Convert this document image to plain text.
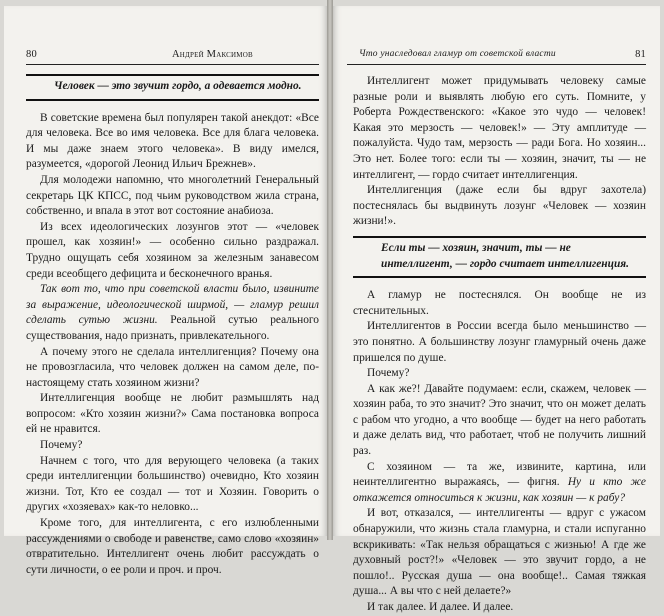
80	Андрей Максимов
Человек — это звучит гордо, а одевается модно.

В советские времена был популярен такой анекдот: «Все для человека. Все во имя человека. Все для блага человека. И мы даже знаем этого человека». В виду имелся, разумеется, «дорогой Леонид Ильич Брежнев».

Для молодежи напомню, что многолетний Генеральный секретарь ЦК КПСС, под чьим руководством жила страна, собственно, и впала в этот вот состояние анабиоза.

Из всех идеологических лозунгов этот — «человек прошел, как хозяин!» — особенно сильно раздражал. Трудно ощущать себя хозяином за железным занавесом среди всеобщего дефицита и бесконечного вранья.

Так вот то, что при советской власти было, извините за выражение, идеологической ширмой, — гламур решил сделать сутью жизни. Реальной сутью реального существования, надо признать, привлекательного.

А почему этого не сделала интеллигенция? Почему она не провозгласила, что человек должен на самом деле, по-настоящему стать хозяином жизни?

Интеллигенция вообще не любит размышлять над вопросом: «Кто хозяин жизни?» Сама постановка вопроса ей не нравится.

Почему?

Начнем с того, что для верующего человека (а таких среди интеллигенции большинство) очевидно, Кто хозяин жизни. Тот, Кто ее создал — тот и Хозяин. Говорить о других «хозяевах» как-то неловко...

Кроме того, для интеллигента, с его излюбленными рассуждениями о свободе и равенстве, само слово «хозяин» отвратительно. Интеллигент очень любит рассуждать о сути личности, о ее роли и проч. и проч.

Что унаследовал гламур от советской власти	81

Интеллигент может придумывать человеку самые разные роли и выявлять любую его суть. Помните, у Роберта Рождественского: «Какое это чудо — человек! Какая это мерзость — человек!» — Эту амплитуде — пожалуйста. Чудо там, мерзость — ради Бога. Но хозяин... Это нет. Более того: если ты — хозяин, значит, ты — не интеллигент, — гордо считает интеллигенция.

Интеллигенция (даже если бы вдруг захотела) постеснялась бы выдвинуть лозунг «Человек — хозяин жизни!».

Если ты — хозяин, значит, ты — не интеллигент, — гордо считает интеллигенция.

А гламур не постеснялся. Он вообще не из стеснительных.

Интеллигентов в России всегда было меньшинство — это понятно. А большинству лозунг гламурный очень даже пришелся по душе.

Почему?

А как же?! Давайте подумаем: если, скажем, человек — хозяин раба, то это значит? Это значит, что он может делать с рабом что угодно, а что вообще — будет на него работать и даже делать вид, что работает, чтоб не получить лишний раз.

С хозяином — та же, извините, картина, или неинтеллигентно выражаясь, — фигня. Ну и кто же откажется относиться к жизни, как хозяин — к рабу?

И вот, отказался, — интеллигенты — вдруг с ужасом обнаружили, что жизнь стала гламурна, и стали испуганно вскрикивать: «Так нельзя обращаться с жизнью! А где же духовный рост?!» «Человек — это звучит гордо, а не пошло!.. Русская душа — она вообще!.. Самая тяжкая душа... А вы что с ней делаете?»

И так далее. И далее. И далее.
